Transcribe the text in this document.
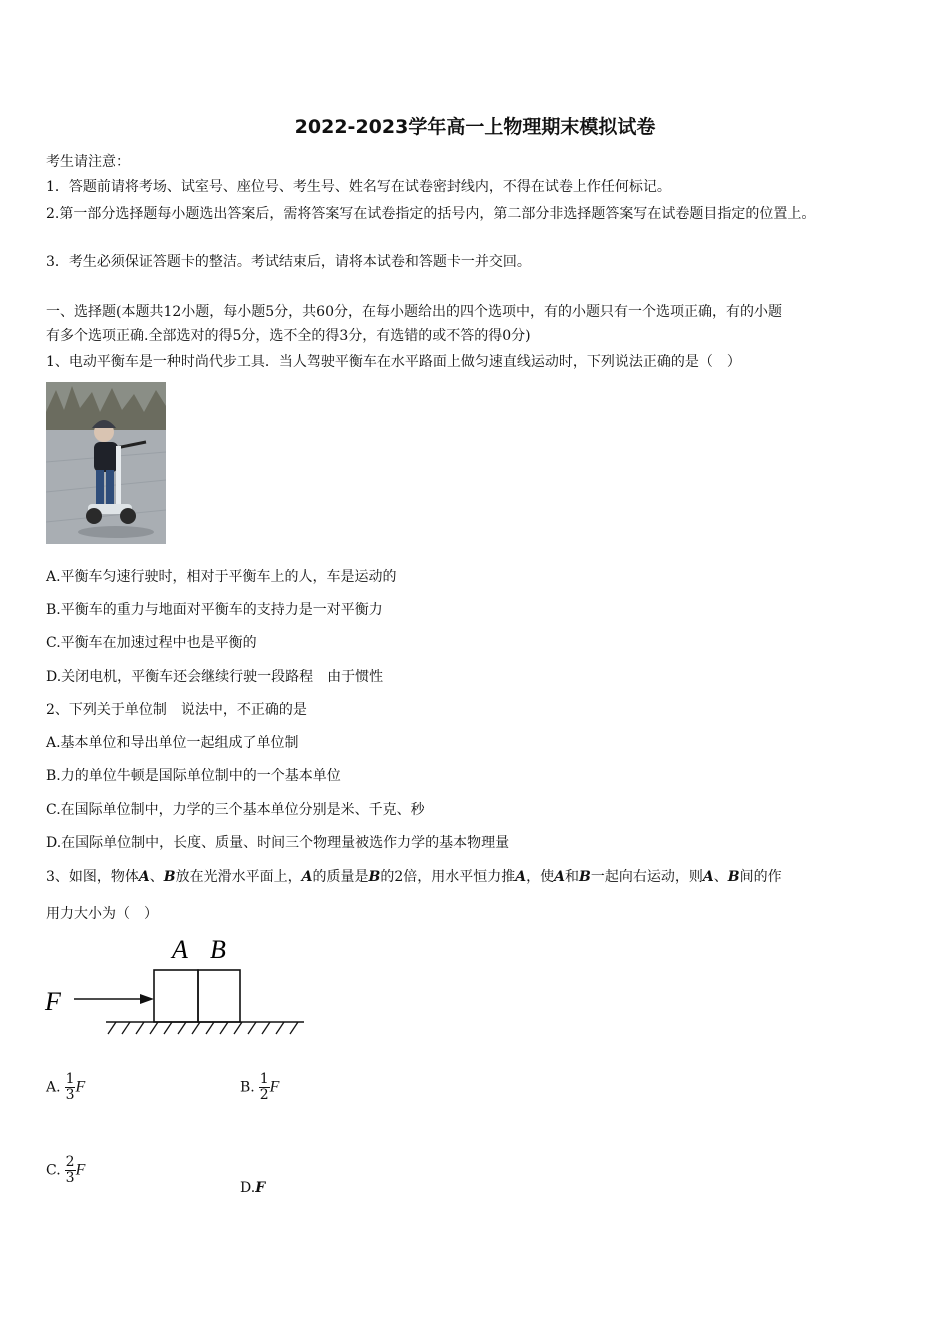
2022-2023学年高一上物理期末模拟试卷
考生请注意：
1．答题前请将考场、试室号、座位号、考生号、姓名写在试卷密封线内，不得在试卷上作任何标记。
2.第一部分选择题每小题选出答案后，需将答案写在试卷指定的括号内，第二部分非选择题答案写在试卷题目指定的位置上。
3．考生必须保证答题卡的整洁。考试结束后，请将本试卷和答题卡一并交回。
一、选择题(本题共12小题，每小题5分，共60分，在每小题给出的四个选项中，有的小题只有一个选项正确，有的小题
有多个选项正确.全部选对的得5分，选不全的得3分，有选错的或不答的得0分)
1、电动平衡车是一种时尚代步工具．当人驾驶平衡车在水平路面上做匀速直线运动时，下列说法正确的是（　）
A.平衡车匀速行驶时，相对于平衡车上的人，车是运动的
B.平衡车的重力与地面对平衡车的支持力是一对平衡力
C.平衡车在加速过程中也是平衡的
D.关闭电机，平衡车还会继续行驶一段路程　由于惯性
2、下列关于单位制　说法中，不正确的是
A.基本单位和导出单位一起组成了单位制
B.力的单位牛顿是国际单位制中的一个基本单位
C.在国际单位制中，力学的三个基本单位分别是米、千克、秒
D.在国际单位制中，长度、质量、时间三个物理量被选作力学的基本物理量
3、如图，物体A、B放在光滑水平面上，A的质量是B的2倍，用水平恒力推A，使A和B一起向右运动，则A、B间的作
用力大小为（　）
A B
F
A. $\frac{1}{3}$ F	B. $\frac{1}{2}$ F
C. $\frac{2}{3}$ F
D.F
